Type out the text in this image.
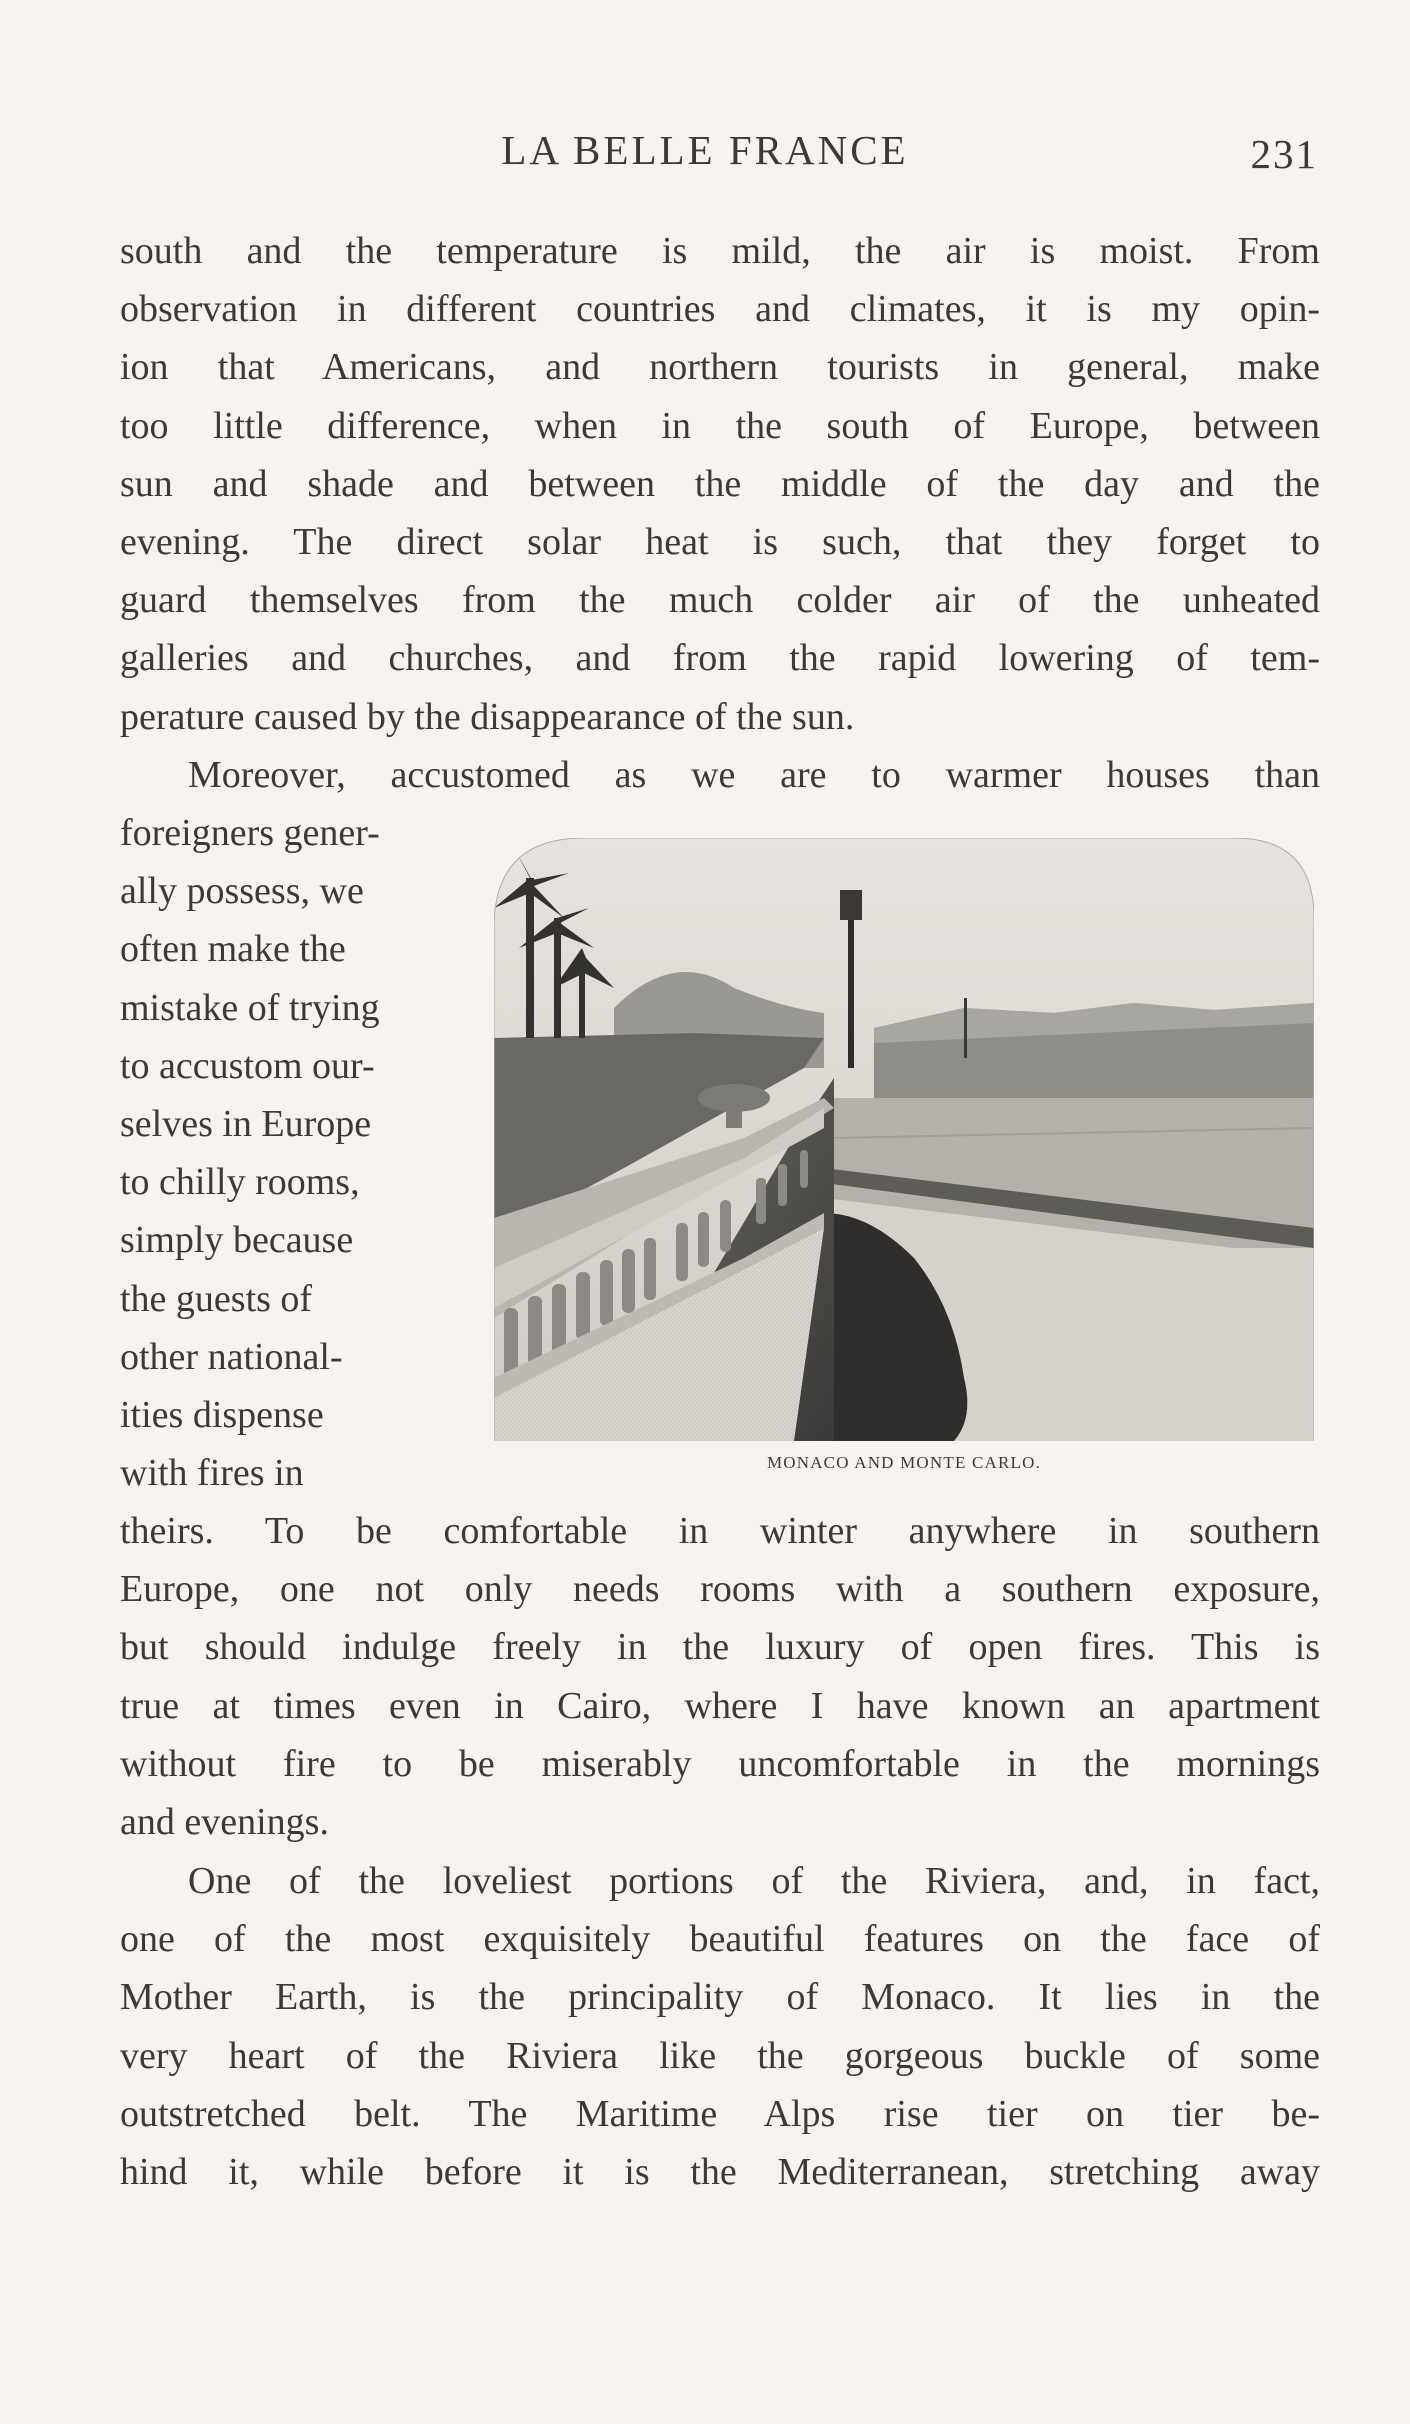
LA BELLE FRANCE	231
south and the temperature is mild, the air is moist. From
observation in different countries and climates, it is my opin-
ion that Americans, and northern tourists in general, make
too little difference, when in the south of Europe, between
sun and shade and between the middle of the day and the
evening. The direct solar heat is such, that they forget to
guard themselves from the much colder air of the unheated
galleries and churches, and from the rapid lowering of tem-
perature caused by the disappearance of the sun.
Moreover, accustomed as we are to warmer houses than
foreigners gener-
ally possess, we
often make the
mistake of trying
to accustom our-
selves in Europe
to chilly rooms,
simply because
the guests of
other national-
ities dispense
with fires in	MONACO AND MONTE CARLO.
theirs. To be comfortable in winter anywhere in southern
Europe, one not only needs rooms with a southern exposure,
but should indulge freely in the luxury of open fires. This is
true at times even in Cairo, where I have known an apartment
without fire to be miserably uncomfortable in the mornings
and evenings.
One of the loveliest portions of the Riviera, and, in fact,
one of the most exquisitely beautiful features on the face of
Mother Earth, is the principality of Monaco. It lies in the
very heart of the Riviera like the gorgeous buckle of some
outstretched belt. The Maritime Alps rise tier on tier be-
hind it, while before it is the Mediterranean, stretching away
